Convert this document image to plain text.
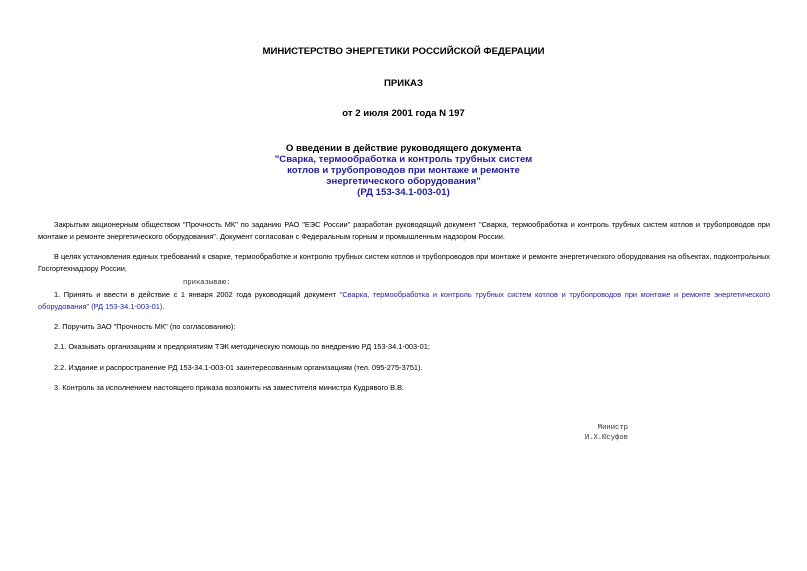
МИНИСТЕРСТВО ЭНЕРГЕТИКИ РОССИЙСКОЙ ФЕДЕРАЦИИ
ПРИКАЗ
от 2 июля 2001 года N 197
О введении в действие руководящего документа
"Сварка, термообработка и контроль трубных систем
котлов и трубопроводов при монтаже и ремонте
энергетического оборудования"
(РД 153-34.1-003-01)
Закрытым акционерным обществом "Прочность МК" по заданию РАО "ЕЭС России" разработан руководящий документ "Сварка, термообработка и контроль трубных систем котлов и трубопроводов при монтаже и ремонте энергетического оборудования". Документ согласован с Федеральным горным и промышленным надзором России.
В целях установления единых требований к сварке, термообработке и контролю трубных систем котлов и трубопроводов при монтаже и ремонте энергетического оборудования на объектах, подконтрольных Госгортехнадзору России,
приказываю:
1. Принять и ввести в действие с 1 января 2002 года руководящий документ "Сварка, термообработка и контроль трубных систем котлов и трубопроводов при монтаже и ремонте энергетического оборудования" (РД 153-34.1-003-01).
2. Поручить ЗАО "Прочность МК" (по согласованию):
2.1. Оказывать организациям и предприятиям ТЭК методическую помощь по внедрению РД 153-34.1-003-01;
2.2. Издание и распространение РД 153-34.1-003-01 заинтересованным организациям (тел. 095-275-3751).
3. Контроль за исполнением настоящего приказа возложить на заместителя министра Кудрявого В.В.
Министр
И.Х.Юсуфов
